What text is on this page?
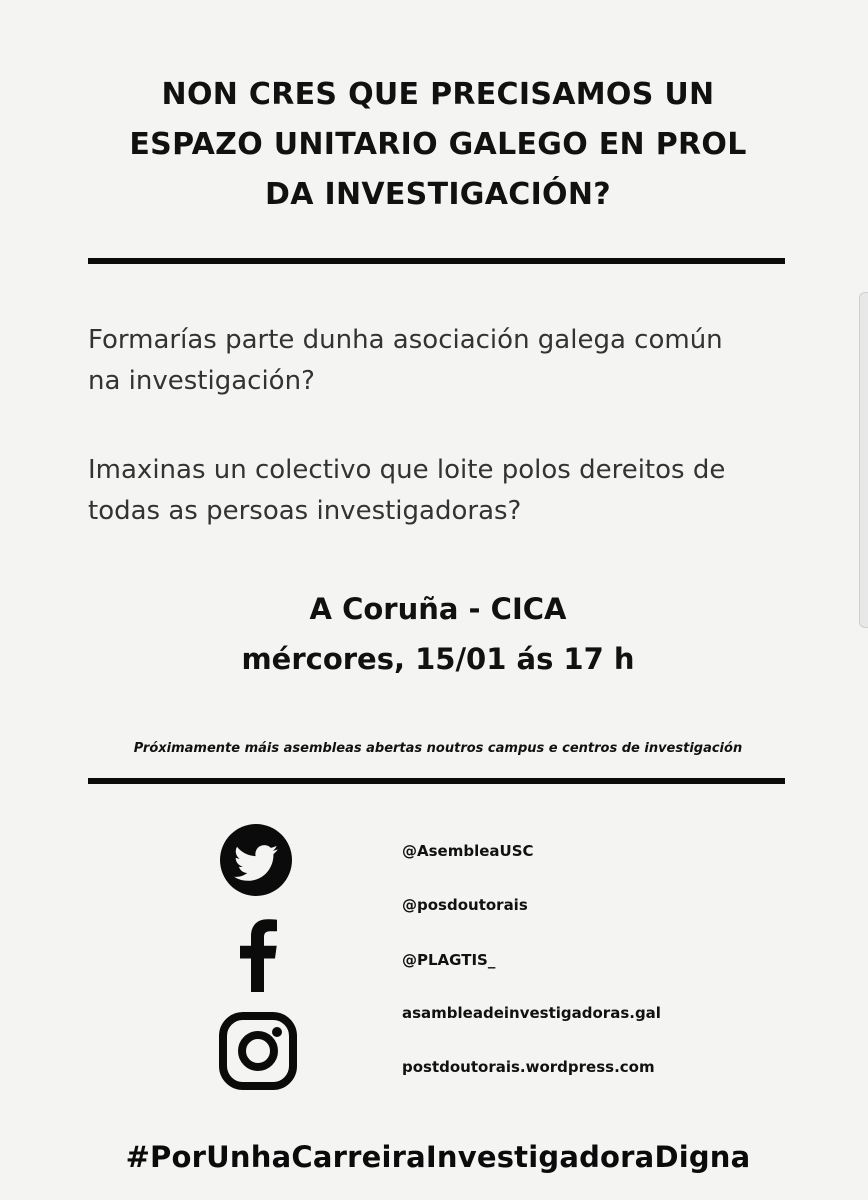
NON CRES QUE PRECISAMOS UN
ESPAZO UNITARIO GALEGO EN PROL
DA INVESTIGACIÓN?

Formarías parte dunha asociación galega común
na investigación?

Imaxinas un colectivo que loite polos dereitos de
todas as persoas investigadoras?

A Coruña - CICA

mércores, 15/01 ás 17 h

Próximamente máis asembleas abertas noutros campus e centros de investigación

@AsembleaUSC

@posdoutorais

@PLAGTIS_

asambleadeinvestigadoras.gal

postdoutorais.wordpress.com

#PorUnhaCarreiraInvestigadoraDigna
